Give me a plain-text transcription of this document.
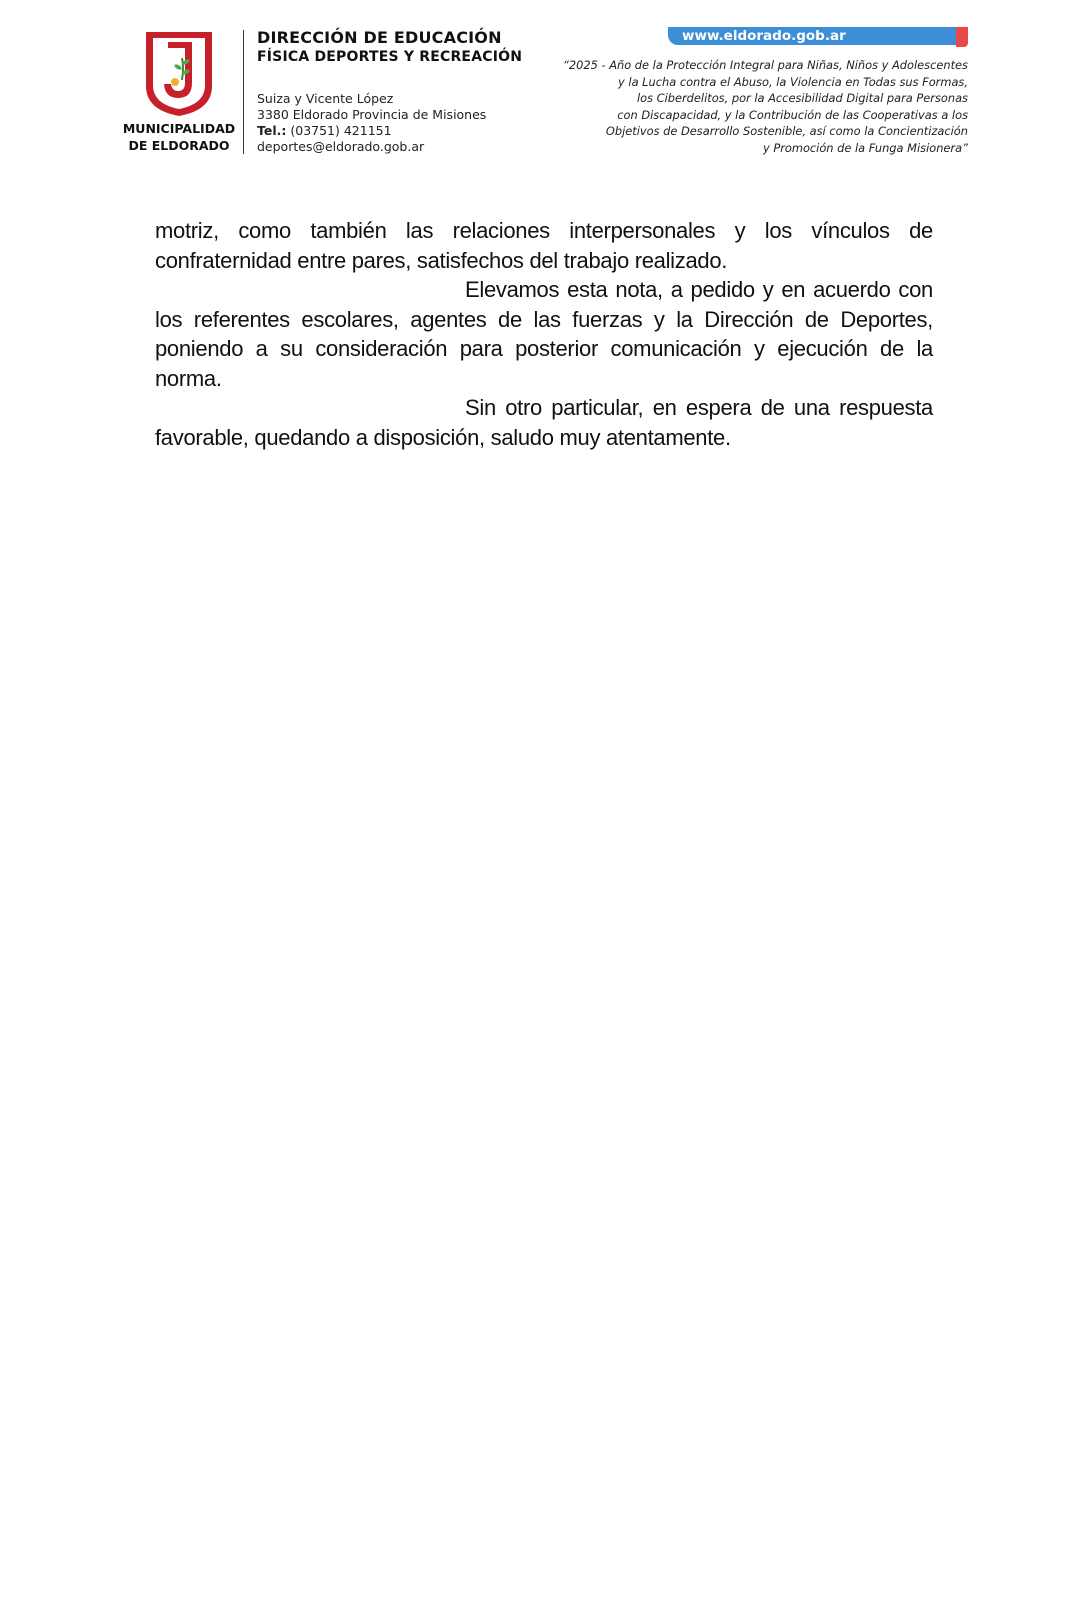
MUNICIPALIDAD
DE ELDORADO
DIRECCIÓN DE EDUCACIÓN
FÍSICA DEPORTES Y RECREACIÓN
Suiza y Vicente López
3380 Eldorado Provincia de Misiones
Tel.: (03751) 421151
deportes@eldorado.gob.ar
www.eldorado.gob.ar
“2025 - Año de la Protección Integral para Niñas, Niños y Adolescentes
y la Lucha contra el Abuso, la Violencia en Todas sus Formas,
los Ciberdelitos, por la Accesibilidad Digital para Personas
con Discapacidad, y la Contribución de las Cooperativas a los
Objetivos de Desarrollo Sostenible, así como la Concientización
y Promoción de la Funga Misionera”

motriz, como también las relaciones interpersonales y los vínculos de confraternidad entre pares, satisfechos del trabajo realizado.

Elevamos esta nota, a pedido y en acuerdo con los referentes escolares, agentes de las fuerzas y la Dirección de Deportes, poniendo a su consideración para posterior comunicación y ejecución de la norma.

Sin otro particular, en espera de una respuesta favorable, quedando a disposición, saludo muy atentamente.
